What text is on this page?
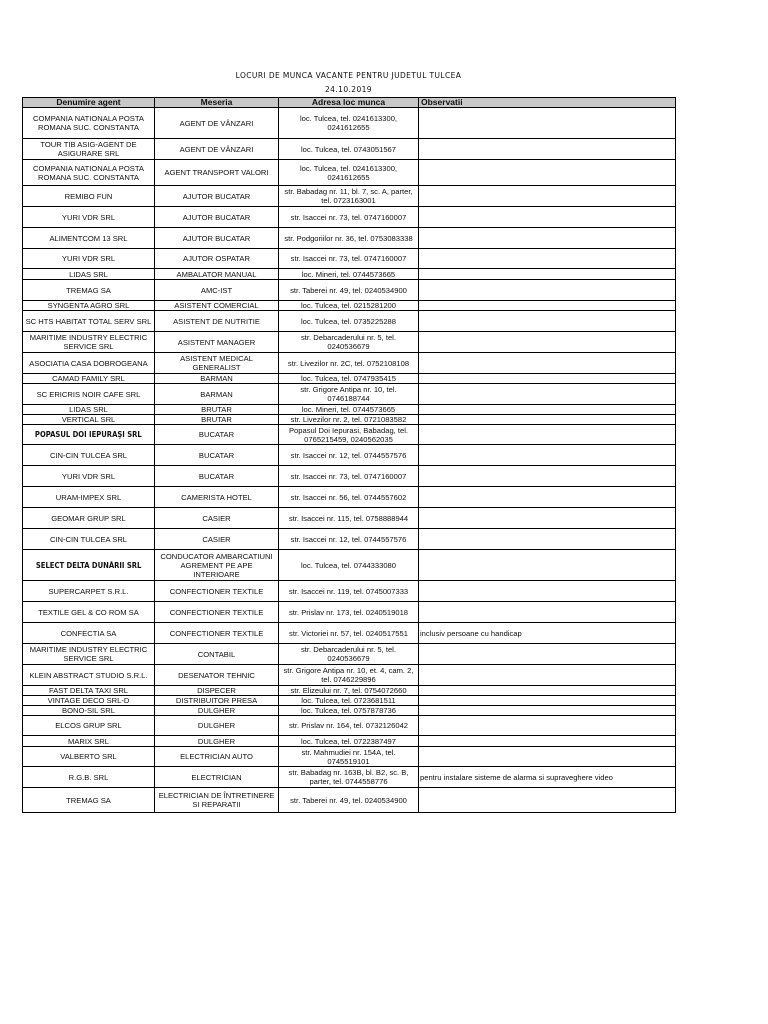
LOCURI DE MUNCA VACANTE PENTRU JUDETUL TULCEA
24.10.2019
Denumire agent	Meseria	Adresa loc munca	Observatii
COMPANIA NATIONALA POSTA ROMANA SUC. CONSTANTA	AGENT DE VÂNZARI	loc. Tulcea, tel. 0241613300, 0241612655	
TOUR TIB ASIG-AGENT DE ASIGURARE SRL	AGENT DE VÂNZARI	loc. Tulcea, tel. 0743051567	
COMPANIA NATIONALA POSTA ROMANA SUC. CONSTANTA	AGENT TRANSPORT VALORI	loc. Tulcea, tel. 0241613300, 0241612655	
REMIBO FUN	AJUTOR BUCATAR	str. Babadag nr. 11, bl. 7, sc. A, parter, tel. 0723163001	
YURI VDR SRL	AJUTOR BUCATAR	str. Isaccei nr. 73, tel. 0747160007	
ALIMENTCOM 13 SRL	AJUTOR BUCATAR	str. Podgoriilor nr. 36, tel. 0753083338	
YURI VDR SRL	AJUTOR OSPATAR	str. Isaccei nr. 73, tel. 0747160007	
LIDAS SRL	AMBALATOR MANUAL	loc. Mineri, tel. 0744573665	
TREMAG SA	AMC-IST	str. Taberei nr. 49, tel. 0240534900	
SYNGENTA AGRO SRL	ASISTENT COMERCIAL	loc. Tulcea, tel. 0215281200	
SC HTS HABITAT TOTAL SERV SRL	ASISTENT DE NUTRITIE	loc. Tulcea, tel. 0735225288	
MARITIME INDUSTRY ELECTRIC SERVICE SRL	ASISTENT MANAGER	str. Debarcaderului nr. 5, tel. 0240536679	
ASOCIATIA CASA DOBROGEANA	ASISTENT MEDICAL GENERALIST	str. Livezilor nr. 2C, tel. 0752108108	
CAMAD FAMILY SRL	BARMAN	loc. Tulcea, tel. 0747935415	
SC ERICRIS NOIR CAFE SRL	BARMAN	str. Grigore Antipa nr. 10, tel. 0746188744	
LIDAS SRL	BRUTAR	loc. Mineri, tel. 0744573665	
VERTICAL SRL	BRUTAR	str. Livezilor nr. 2, tel. 0721083582	
POPASUL DOI IEPURAŞI SRL	BUCATAR	Popasul Doi Iepurasi, Babadag, tel. 0765215459, 0240562035	
CIN-CIN TULCEA SRL	BUCATAR	str. Isaccei nr. 12, tel. 0744557576	
YURI VDR SRL	BUCATAR	str. Isaccei nr. 73, tel. 0747160007	
URAM-IMPEX SRL	CAMERISTA HOTEL	str. Isaccei nr. 56, tel. 0744557602	
GEOMAR GRUP SRL	CASIER	str. Isaccei nr. 115, tel. 0758888944	
CIN-CIN TULCEA SRL	CASIER	str. Isaccei nr. 12, tel. 0744557576	
SELECT DELTA DUNĂRII SRL	CONDUCATOR AMBARCATIUNI AGREMENT PE APE INTERIOARE	loc. Tulcea, tel. 0744333080	
SUPERCARPET S.R.L.	CONFECTIONER TEXTILE	str. Isaccei nr. 119, tel. 0745007333	
TEXTILE GEL & CO ROM SA	CONFECTIONER TEXTILE	str. Prislav nr. 173, tel. 0240519018	
CONFECTIA SA	CONFECTIONER TEXTILE	str. Victoriei nr. 57, tel. 0240517551	inclusiv persoane cu handicap
MARITIME INDUSTRY ELECTRIC SERVICE SRL	CONTABIL	str. Debarcaderului nr. 5, tel. 0240536679	
KLEIN ABSTRACT STUDIO S.R.L.	DESENATOR TEHNIC	str. Grigore Antipa nr. 10, et. 4, cam. 2, tel. 0746229896	
FAST DELTA TAXI SRL	DISPECER	str. Elizeului nr. 7, tel. 0754072660	
VINTAGE DECO SRL-D	DISTRIBUITOR PRESA	loc. Tulcea, tel. 0723681511	
BONO-SIL SRL	DULGHER	loc. Tulcea, tel. 0757878736	
ELCOS GRUP SRL	DULGHER	str. Prislav nr. 164, tel. 0732126042	
MARIX SRL	DULGHER	loc. Tulcea, tel. 0722387497	
VALBERTO SRL	ELECTRICIAN AUTO	str. Mahmudiei nr. 154A, tel. 0745519101	
R.G.B. SRL	ELECTRICIAN	str. Babadag nr. 163B, bl. B2, sc. B, parter, tel. 0744558776	pentru instalare sisteme de alarma si supraveghere video
TREMAG SA	ELECTRICIAN DE ÎNTRETINERE SI REPARATII	str. Taberei nr. 49, tel. 0240534900	
